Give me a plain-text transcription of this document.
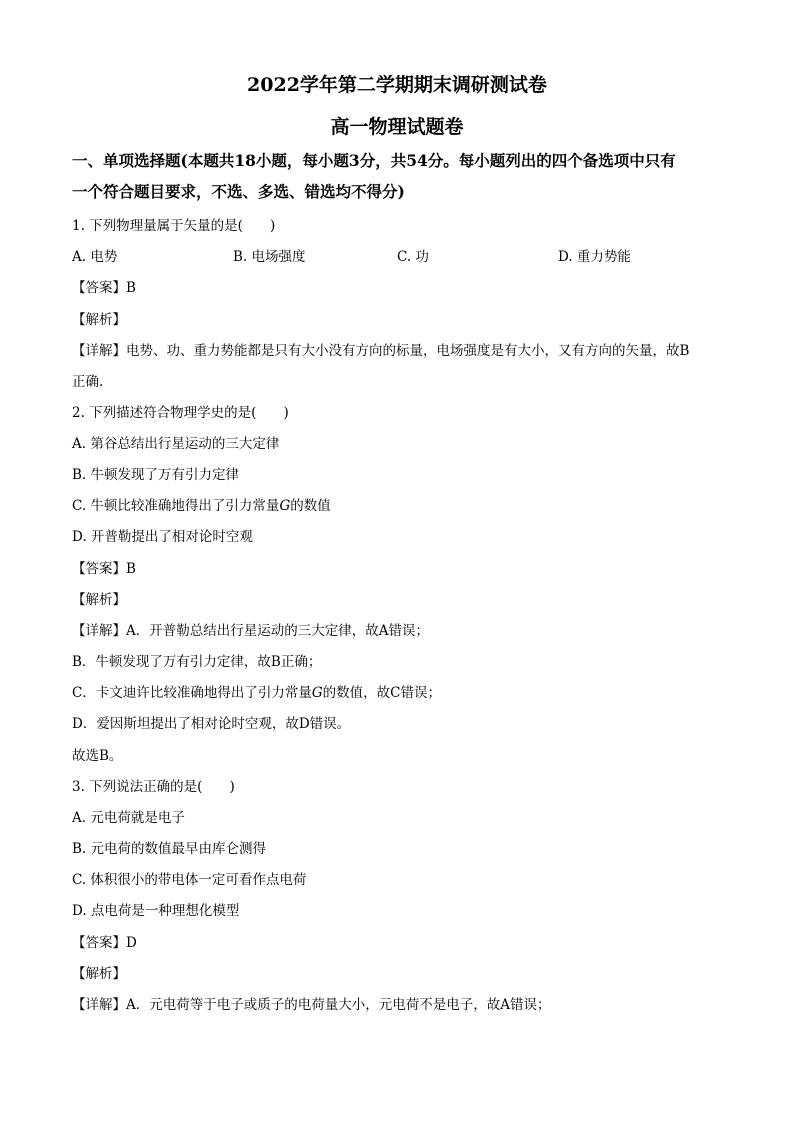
2022学年第二学期期末调研测试卷
高一物理试题卷
一、单项选择题(本题共18小题，每小题3分，共54分。每小题列出的四个备选项中只有
一个符合题目要求，不选、多选、错选均不得分)

1. 下列物理量属于矢量的是(　　)

A. 电势	B. 电场强度	C. 功	D. 重力势能

【答案】B

【解析】

【详解】电势、功、重力势能都是只有大小没有方向的标量，电场强度是有大小，又有方向的矢量，故B

正确.

2. 下列描述符合物理学史的是(　　)

A. 第谷总结出行星运动的三大定律

B. 牛顿发现了万有引力定律

C. 牛顿比较准确地得出了引力常量G的数值

D. 开普勒提出了相对论时空观

【答案】B

【解析】

【详解】A．开普勒总结出行星运动的三大定律，故A错误；

B．牛顿发现了万有引力定律，故B正确；

C．卡文迪许比较准确地得出了引力常量G的数值，故C错误；

D．爱因斯坦提出了相对论时空观，故D错误。

故选B。

3. 下列说法正确的是(　　)

A. 元电荷就是电子

B. 元电荷的数值最早由库仑测得

C. 体积很小的带电体一定可看作点电荷

D. 点电荷是一种理想化模型

【答案】D

【解析】

【详解】A．元电荷等于电子或质子的电荷量大小，元电荷不是电子，故A错误；
